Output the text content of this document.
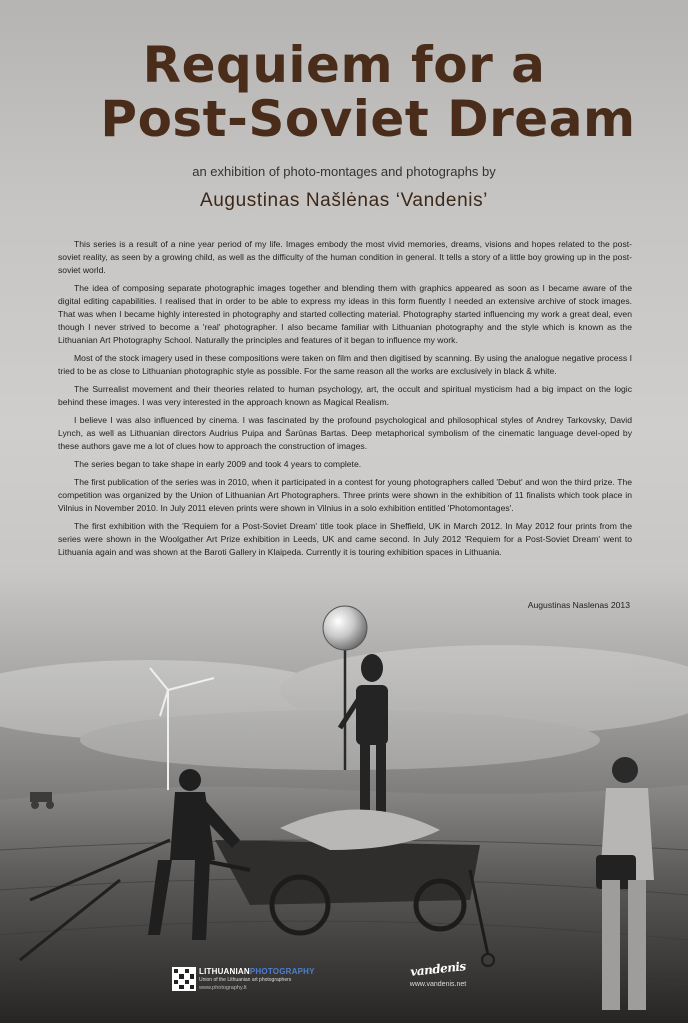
Requiem for a
Post-Soviet Dream
an exhibition of photo-montages and photographs by
Augustinas Našlėnas ‘Vandenis’

This series is a result of a nine year period of my life. Images embody the most vivid memories, dreams, visions and hopes related to the post-soviet reality, as seen by a growing child, as well as the difficulty of the human condition in general. It tells a story of a little boy growing up in the post-soviet world.

The idea of composing separate photographic images together and blending them with graphics appeared as soon as I became aware of the digital editing capabilities. I realised that in order to be able to express my ideas in this form fluently I needed an extensive archive of stock images. That was when I became highly interested in photography and started collecting material. Photography started influencing my work a great deal, even though I never strived to become a 'real' photographer. I also became familiar with Lithuanian photography and the style which is known as the Lithuanian Art Photography School. Naturally the principles and features of it began to influence my work.

Most of the stock imagery used in these compositions were taken on film and then digitised by scanning. By using the analogue negative process I tried to be as close to Lithuanian photographic style as possible. For the same reason all the works are exclusively in black & white.

The Surrealist movement and their theories related to human psychology, art, the occult and spiritual mysticism had a big impact on the logic behind these images. I was very interested in the approach known as Magical Realism.

I believe I was also influenced by cinema. I was fascinated by the profound psychological and philosophical styles of Andrey Tarkovsky, David Lynch, as well as Lithuanian directors Audrius Puipa and Šarūnas Bartas. Deep metaphorical symbolism of the cinematic language devel-oped by these authors gave me a lot of clues how to approach the construction of images.

The series began to take shape in early 2009 and took 4 years to complete.

The first publication of the series was in 2010, when it participated in a contest for young photographers called 'Debut' and won the third prize. The competition was organized by the Union of Lithuanian Art Photographers. Three prints were shown in the exhibition of 11 finalists which took place in Vilnius in November 2010. In July 2011 eleven prints were shown in Vilnius in a solo exhibition entitled 'Photomontages'.

The first exhibition with the 'Requiem for a Post-Soviet Dream' title took place in Sheffield, UK in March 2012. In May 2012 four prints from the series were shown in the Woolgather Art Prize exhibition in Leeds, UK and came second. In July 2012 'Requiem for a Post-Soviet Dream' went to Lithuania again and was shown at the Baroti Gallery in Klaipeda. Currently it is touring exhibition spaces in Lithuania.

Augustinas Naslenas 2013
LITHUANIANPHOTOGRAPHY
Union of the Lithuanian art photographers
www.photography.lt
vandenis
www.vandenis.net
